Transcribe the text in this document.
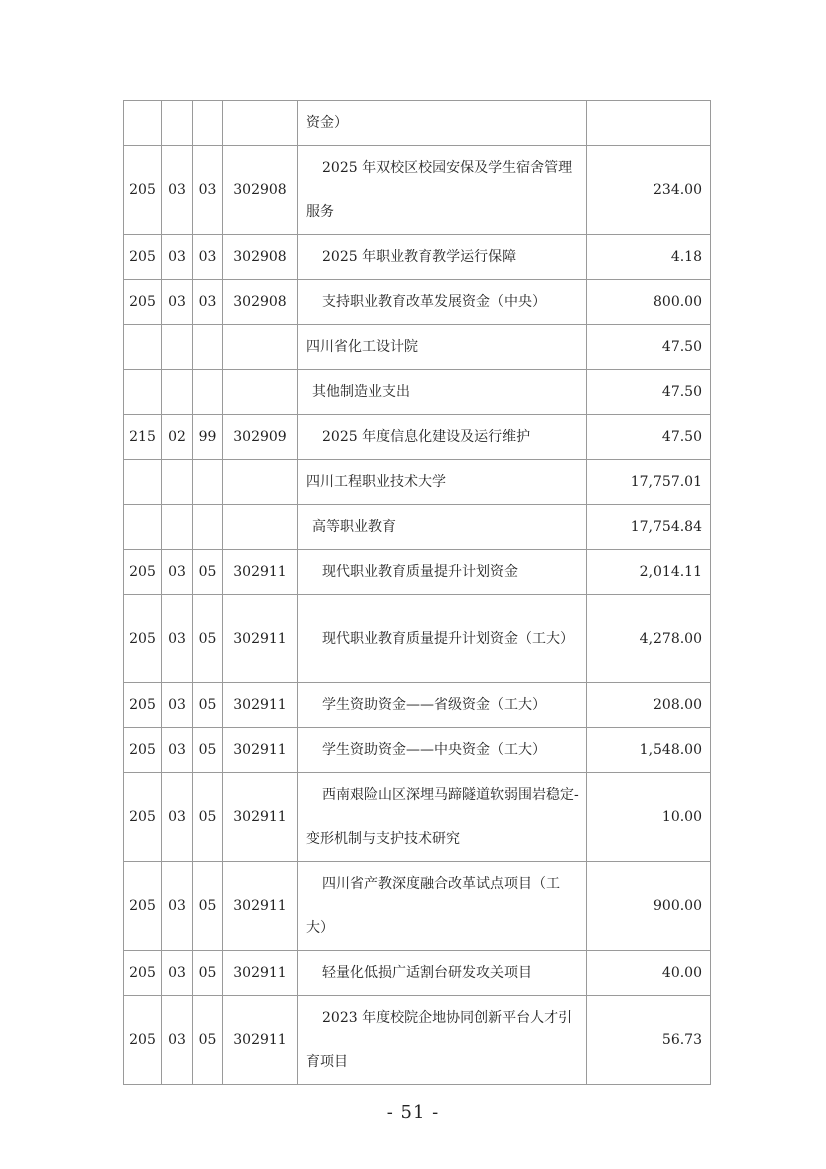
				资金）	
205	03	03	302908	2025 年双校区校园安保及学生宿舍管理服务	234.00
205	03	03	302908	2025 年职业教育教学运行保障	4.18
205	03	03	302908	支持职业教育改革发展资金（中央）	800.00
				四川省化工设计院	47.50
				其他制造业支出	47.50
215	02	99	302909	2025 年度信息化建设及运行维护	47.50
				四川工程职业技术大学	17,757.01
				高等职业教育	17,754.84
205	03	05	302911	现代职业教育质量提升计划资金	2,014.11
205	03	05	302911	现代职业教育质量提升计划资金（工大）	4,278.00
205	03	05	302911	学生资助资金——省级资金（工大）	208.00
205	03	05	302911	学生资助资金——中央资金（工大）	1,548.00
205	03	05	302911	西南艰险山区深埋马蹄隧道软弱围岩稳定-变形机制与支护技术研究	10.00
205	03	05	302911	四川省产教深度融合改革试点项目（工大）	900.00
205	03	05	302911	轻量化低损广适割台研发攻关项目	40.00
205	03	05	302911	2023 年度校院企地协同创新平台人才引育项目	56.73
- 51 -
